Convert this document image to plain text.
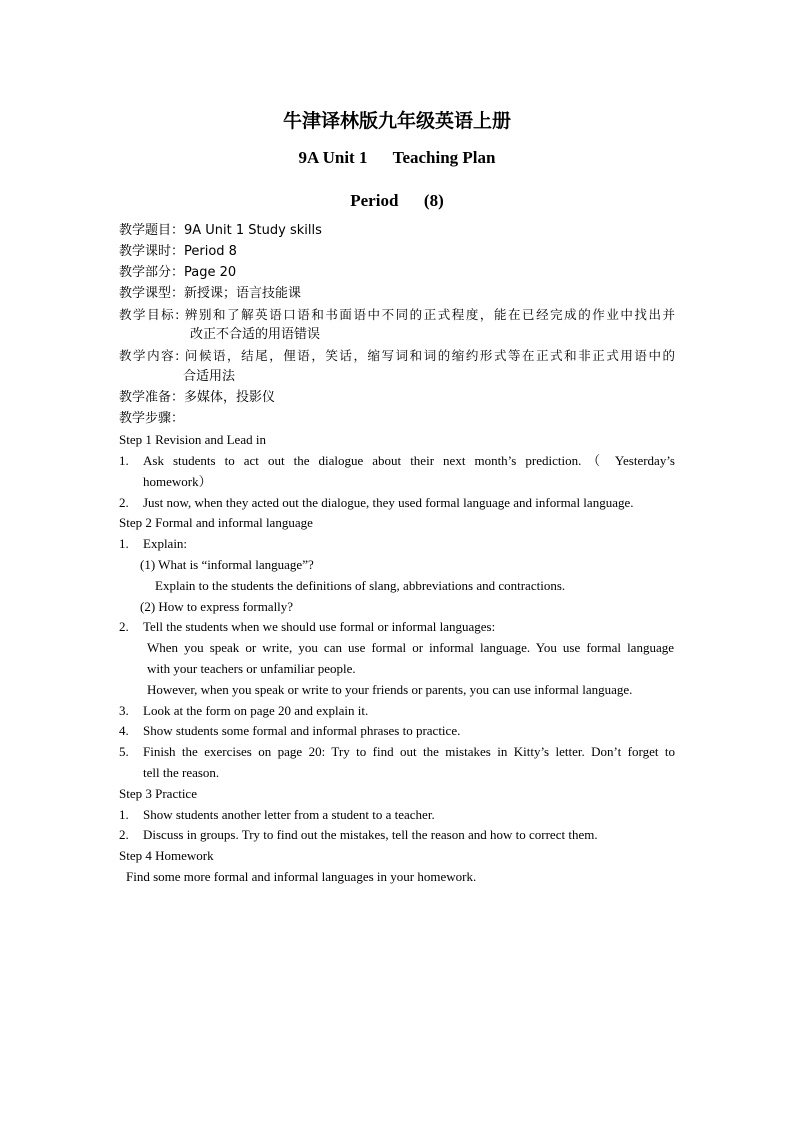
牛津译林版九年级英语上册
9A Unit 1      Teaching Plan
Period      (8)
教学题目：9A Unit 1 Study skills
教学课时：Period 8
教学部分：Page 20
教学课型：新授课；语言技能课
教学目标: 辨别和了解英语口语和书面语中不同的正式程度，能在已经完成的作业中找出并
改正不合适的用语错误
教学内容: 问候语，结尾，俚语，笑话，缩写词和词的缩约形式等在正式和非正式用语中的
合适用法
教学准备：多媒体，投影仪
教学步骤：
Step 1 Revision and Lead in
1. Ask students to act out the dialogue about their next month’s prediction.（ Yesterday’s
homework）
2. Just now, when they acted out the dialogue, they used formal language and informal language.
Step 2 Formal and informal language
1. Explain:
(1) What is “informal language”?
Explain to the students the definitions of slang, abbreviations and contractions.
(2) How to express formally?
2. Tell the students when we should use formal or informal languages:
When you speak or write, you can use formal or informal language. You use formal language
with your teachers or unfamiliar people.
However, when you speak or write to your friends or parents, you can use informal language.
3. Look at the form on page 20 and explain it.
4. Show students some formal and informal phrases to practice.
5. Finish the exercises on page 20: Try to find out the mistakes in Kitty’s letter. Don’t forget to
tell the reason.
Step 3 Practice
1. Show students another letter from a student to a teacher.
2. Discuss in groups. Try to find out the mistakes, tell the reason and how to correct them.
Step 4 Homework
Find some more formal and informal languages in your homework.
